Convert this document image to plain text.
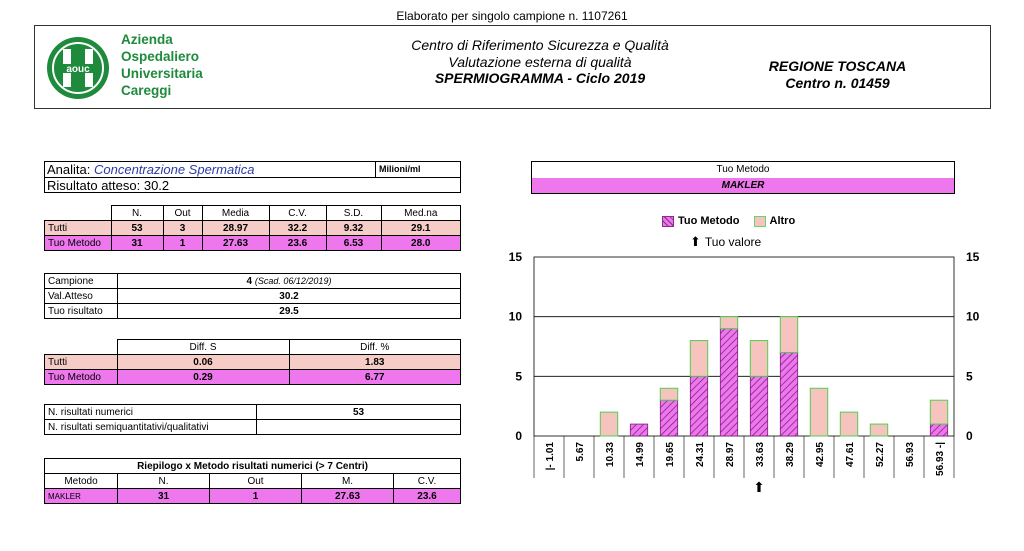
Elaborato per singolo campione n. 1107261
aouc
Azienda
Ospedaliero
Universitaria
Careggi
Centro di Riferimento Sicurezza e Qualità
Valutazione esterna di qualità
SPERMIOGRAMMA - Ciclo 2019
REGIONE TOSCANA
Centro n. 01459
Analita: Concentrazione Spermatica	Milioni/ml
Risultato atteso: 30.2
	N.	Out	Media	C.V.	S.D.	Med.na
Tutti	53	3	28.97	32.2	9.32	29.1
Tuo Metodo	31	1	27.63	23.6	6.53	28.0
Campione	4 (Scad. 06/12/2019)
Val.Atteso	30.2
Tuo risultato	29.5
	Diff. S	Diff. %
Tutti	0.06	1.83
Tuo Metodo	0.29	6.77
N. risultati numerici	53
N. risultati semiquantitativi/qualitativi	
Riepilogo x Metodo risultati numerici (> 7 Centri)				
Metodo	N.	Out	M.	C.V.
MAKLER	31	1	27.63	23.6
Tuo Metodo
MAKLER
Tuo Metodo	Altro
⬆ Tuo valore
0	0
5	5
10	10
15	15
|- 1.01 5.67 10.33 14.99 19.65 24.31 28.97 33.63 38.29 42.95 47.61 52.27 56.93 56.93 -|
⬆
